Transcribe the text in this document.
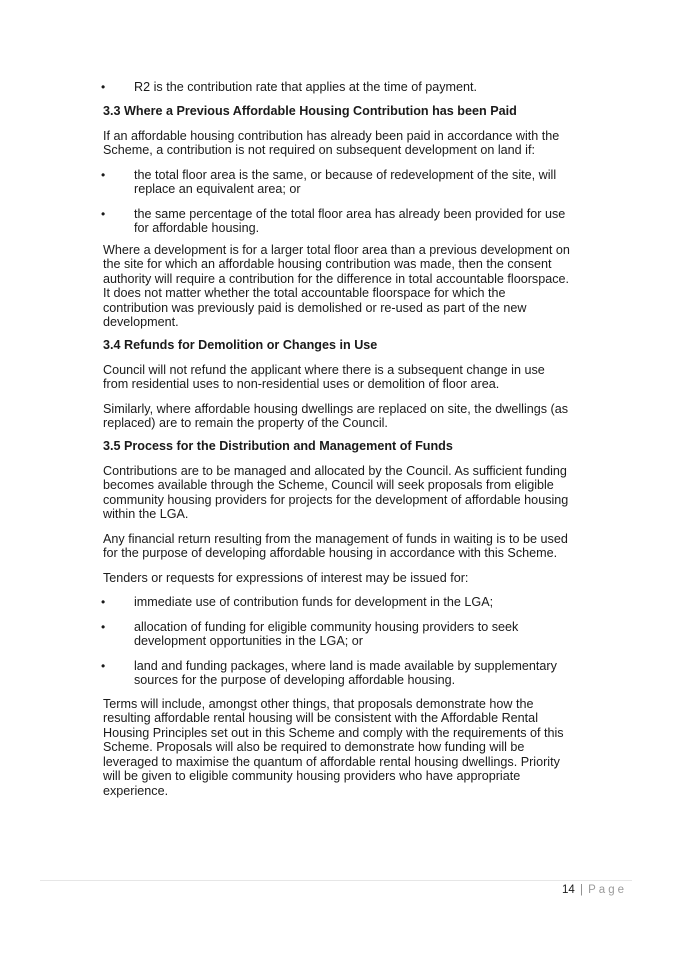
•	R2 is the contribution rate that applies at the time of payment.
3.3 Where a Previous Affordable Housing Contribution has been Paid

If an affordable housing contribution has already been paid in accordance with the Scheme, a contribution is not required on subsequent development on land if:

•	the total floor area is the same, or because of redevelopment of the site, will replace an equivalent area; or
•	the same percentage of the total floor area has already been provided for use for affordable housing.

Where a development is for a larger total floor area than a previous development on the site for which an affordable housing contribution was made, then the consent authority will require a contribution for the difference in total accountable floorspace. It does not matter whether the total accountable floorspace for which the contribution was previously paid is demolished or re-used as part of the new development.

3.4 Refunds for Demolition or Changes in Use

Council will not refund the applicant where there is a subsequent change in use from residential uses to non-residential uses or demolition of floor area.

Similarly, where affordable housing dwellings are replaced on site, the dwellings (as replaced) are to remain the property of the Council.

3.5 Process for the Distribution and Management of Funds

Contributions are to be managed and allocated by the Council. As sufficient funding becomes available through the Scheme, Council will seek proposals from eligible community housing providers for projects for the development of affordable housing within the LGA.

Any financial return resulting from the management of funds in waiting is to be used for the purpose of developing affordable housing in accordance with this Scheme.

Tenders or requests for expressions of interest may be issued for:

•	immediate use of contribution funds for development in the LGA;
•	allocation of funding for eligible community housing providers to seek development opportunities in the LGA; or
•	land and funding packages, where land is made available by supplementary sources for the purpose of developing affordable housing.

Terms will include, amongst other things, that proposals demonstrate how the resulting affordable rental housing will be consistent with the Affordable Rental Housing Principles set out in this Scheme and comply with the requirements of this Scheme. Proposals will also be required to demonstrate how funding will be leveraged to maximise the quantum of affordable rental housing dwellings. Priority will be given to eligible community housing providers who have appropriate experience.

14 | Page
